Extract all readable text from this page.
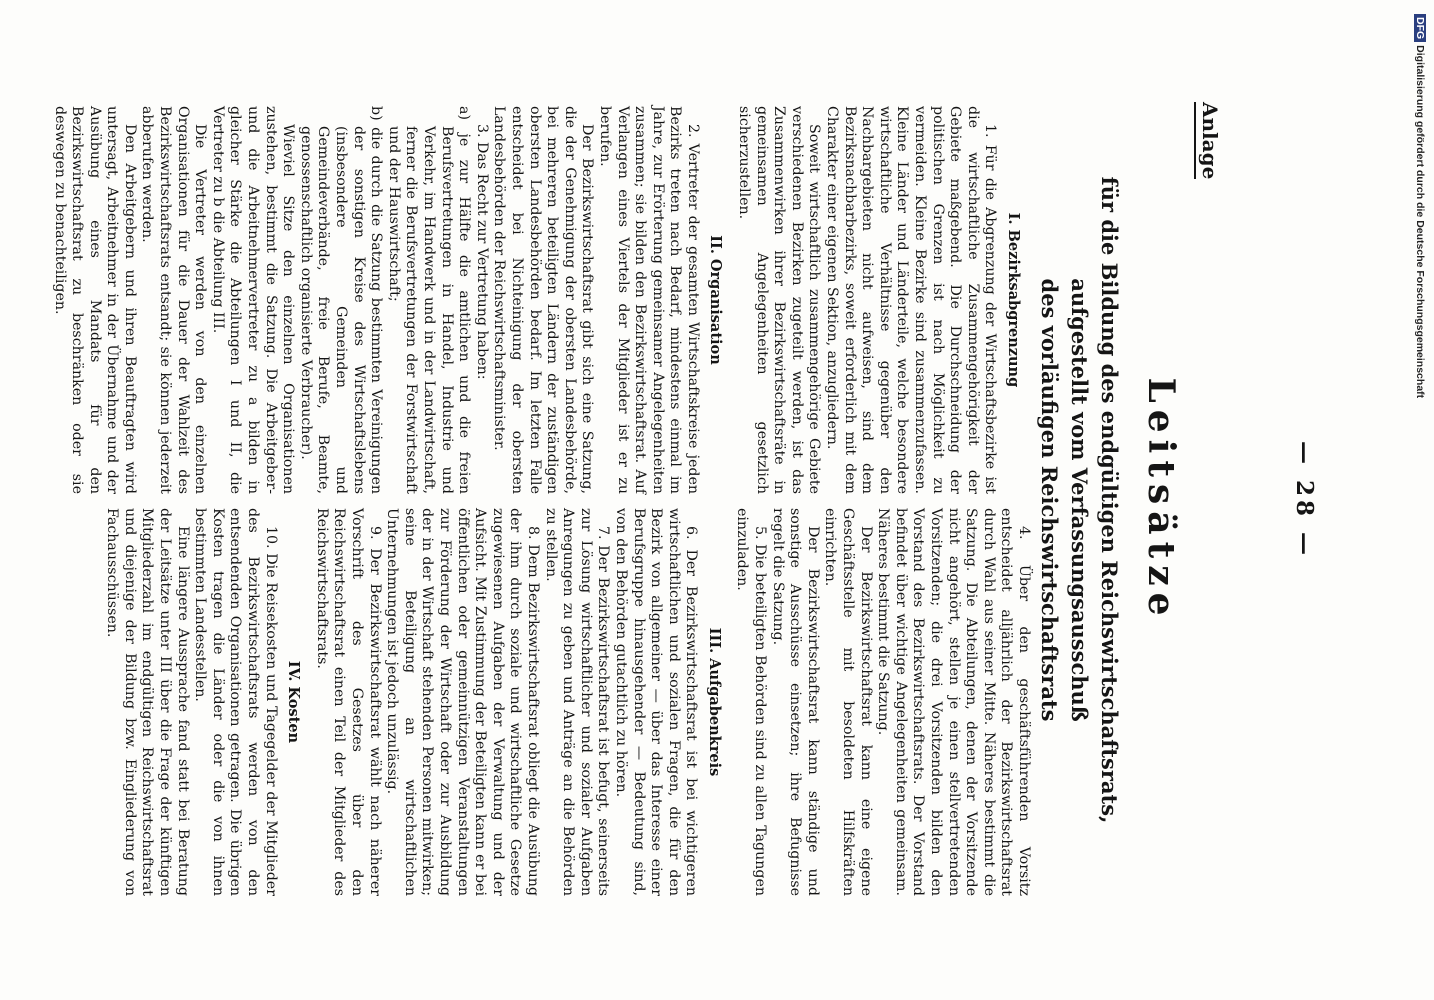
— 28 —
Anlage
Leitsätze
für die Bildung des endgültigen Reichswirtschaftsrats, aufgestellt vom Verfassungsausschuß
des vorläufigen Reichswirtschaftsrats
I. Bezirksabgrenzung

1. Für die Abgrenzung der Wirtschaftsbezirke ist die wirtschaftliche Zusammengehörigkeit der Gebiete maßgebend. Die Durchschneidung der politischen Grenzen ist nach Möglichkeit zu vermeiden. Kleine Bezirke sind zusammenzufassen. Kleine Länder und Länderteile, welche besondere wirtschaftliche Verhältnisse gegenüber den Nachbargebieten nicht aufweisen, sind dem Bezirksnachbarbezirks, soweit erforderlich mit dem Charakter einer eigenen Sektion, anzugliedern.

Soweit wirtschaftlich zusammengehörige Gebiete verschiedenen Bezirken zugeteilt werden, ist das Zusammenwirken ihrer Bezirkswirtschaftsräte in gemeinsamen Angelegenheiten gesetzlich sicherzustellen.

II. Organisation

2. Vertreter der gesamten Wirtschaftskreise jeden Bezirks treten nach Bedarf, mindestens einmal im Jahre, zur Erörterung gemeinsamer Angelegenheiten zusammen; sie bilden den Bezirkswirtschaftsrat. Auf Verlangen eines Viertels der Mitglieder ist er zu berufen.

Der Bezirkswirtschaftsrat gibt sich eine Satzung, die der Genehmigung der obersten Landesbehörde, bei mehreren beteiligten Ländern der zuständigen obersten Landesbehörden bedarf. Im letzten Falle entscheidet bei Nichteinigung der obersten Landesbehörden der Reichswirtschaftsminister.

3. Das Recht zur Vertretung haben:

a) je zur Hälfte die amtlichen und die freien Berufsvertretungen in Handel, Industrie und Verkehr, im Handwerk und in der Landwirtschaft, ferner die Berufsvertretungen der Forstwirtschaft und der Hauswirtschaft;

b) die durch die Satzung bestimmten Vereinigungen der sonstigen Kreise des Wirtschaftslebens (insbesondere Gemeinden und Gemeindeverbände, freie Berufe, Beamte, genossenschaftlich organisierte Verbraucher).

Wieviel Sitze den einzelnen Organisationen zustehen, bestimmt die Satzung. Die Arbeitgeber- und die Arbeitnehmervertreter zu a bilden in gleicher Stärke die Abteilungen I und II, die Vertreter zu b die Abteilung III.

Die Vertreter werden von den einzelnen Organisationen für die Dauer der Wahlzeit des Bezirkswirtschaftsrats entsandt; sie können jederzeit abberufen werden.

Den Arbeitgebern und ihren Beauftragten wird untersagt, Arbeitnehmer in der Übernahme und der Ausübung eines Mandats für den Bezirkswirtschaftsrat zu beschränken oder sie deswegen zu benachteiligen.

4. Über den geschäftsführenden Vorsitz entscheidet alljährlich der Bezirkswirtschaftsrat durch Wahl aus seiner Mitte. Näheres bestimmt die Satzung. Die Abteilungen, denen der Vorsitzende nicht angehört, stellen je einen stellvertretenden Vorsitzenden; die drei Vorsitzenden bilden den Vorstand des Bezirkswirtschaftsrats. Der Vorstand befindet über wichtige Angelegenheiten gemeinsam. Näheres bestimmt die Satzung.

Der Bezirkswirtschaftsrat kann eine eigene Geschäftsstelle mit besoldeten Hilfskräften einrichten.

Der Bezirkswirtschaftsrat kann ständige und sonstige Ausschüsse einsetzen; ihre Befugnisse regelt die Satzung.

5. Die beteiligten Behörden sind zu allen Tagungen einzuladen.

III. Aufgabenkreis

6. Der Bezirkswirtschaftsrat ist bei wichtigeren wirtschaftlichen und sozialen Fragen, die für den Bezirk von allgemeiner — über das Interesse einer Berufsgruppe hinausgehender — Bedeutung sind, von den Behörden gutachtlich zu hören.

7. Der Bezirkswirtschaftsrat ist befugt, seinerseits zur Lösung wirtschaftlicher und sozialer Aufgaben Anregungen zu geben und Anträge an die Behörden zu stellen.

8. Dem Bezirkswirtschaftsrat obliegt die Ausübung der ihm durch soziale und wirtschaftliche Gesetze zugewiesenen Aufgaben der Verwaltung und der Aufsicht. Mit Zustimmung der Beteiligten kann er bei öffentlichen oder gemeinnützigen Veranstaltungen zur Förderung der Wirtschaft oder zur Ausbildung der in der Wirtschaft stehenden Personen mitwirken; seine Beteiligung an wirtschaftlichen Unternehmungen ist jedoch unzulässig.

9. Der Bezirkswirtschaftsrat wählt nach näherer Vorschrift des Gesetzes über den Reichswirtschaftsrat einen Teil der Mitglieder des Reichswirtschaftsrats.

IV. Kosten

10. Die Reisekosten und Tagegelder der Mitglieder des Bezirkswirtschaftsrats werden von den entsendenden Organisationen getragen. Die übrigen Kosten tragen die Länder oder die von ihnen bestimmten Landesstellen.

Eine längere Aussprache fand statt bei Beratung der Leitsätze unter III über die Frage der künftigen Mitgliederzahl im endgültigen Reichswirtschaftsrat und diejenige der Bildung bzw. Eingliederung von Fachausschüssen.

DFGDigitalisierung gefördert durch die Deutsche Forschungsgemeinschaft
